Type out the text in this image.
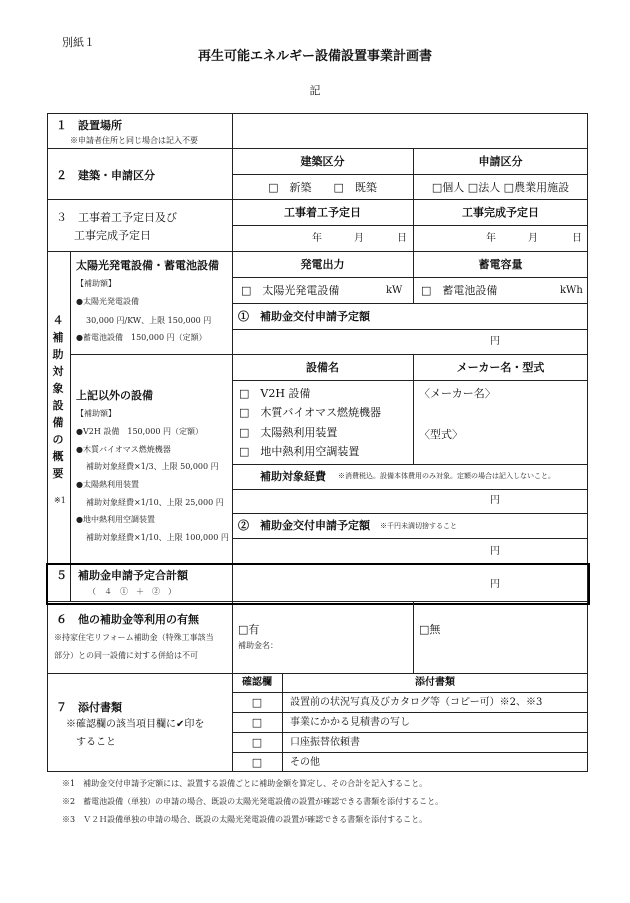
別紙１
再生可能エネルギー設備設置事業計画書
記
１　設置場所
※申請者住所と同じ場合は記入不要
２　建築・申請区分
建築区分	申請区分
□　新築　　□　既築	□個人 □法人 □農業用施設
３　工事着工予定日及び
工事完成予定日
工事着工予定日	工事完成予定日
年	月	日	年	月	日
４補助対象設備の概要
※1
太陽光発電設備・蓄電池設備
【補助額】
●太陽光発電設備
30,000 円/KW、上限 150,000 円
●蓄電池設備　150,000 円（定額）
発電出力	蓄電容量
□　太陽光発電設備	kW □　蓄電池設備	kWh
①　補助金交付申請予定額
円
上記以外の設備
【補助額】
●V2H 設備　150,000 円（定額）
●木質バイオマス燃焼機器
補助対象経費×1/3、上限 50,000 円
●太陽熱利用装置
補助対象経費×1/10、上限 25,000 円
●地中熱利用空調装置
補助対象経費×1/10、上限 100,000 円
設備名	メーカー名・型式
□　V2H 設備
□　木質バイオマス燃焼機器
□　太陽熱利用装置
□　地中熱利用空調装置
〈メーカー名〉
〈型式〉
補助対象経費 ※消費税込。設備本体費用のみ対象。定額の場合は記入しないこと。
円
②　補助金交付申請予定額 ※千円未満切捨すること
円
５　補助金申請予定合計額
（　４　①　＋　②　）
円
６　他の補助金等利用の有無
※持家住宅リフォーム補助金（特殊工事該当
部分）との同一設備に対する併給は不可
□有
補助金名：
□無
７　添付書類
※確認欄の該当項目欄に✔印を
すること
確認欄	添付書類
□	設置前の状況写真及びカタログ等（コピー可）※2、※3
□	事業にかかる見積書の写し
□	口座振替依頼書
□	その他
※1　補助金交付申請予定額には、設置する設備ごとに補助金額を算定し、その合計を記入すること。
※2　蓄電池設備（単独）の申請の場合、既設の太陽光発電設備の設置が確認できる書類を添付すること。
※3　Ｖ２Ｈ設備単独の申請の場合、既設の太陽光発電設備の設置が確認できる書類を添付すること。
